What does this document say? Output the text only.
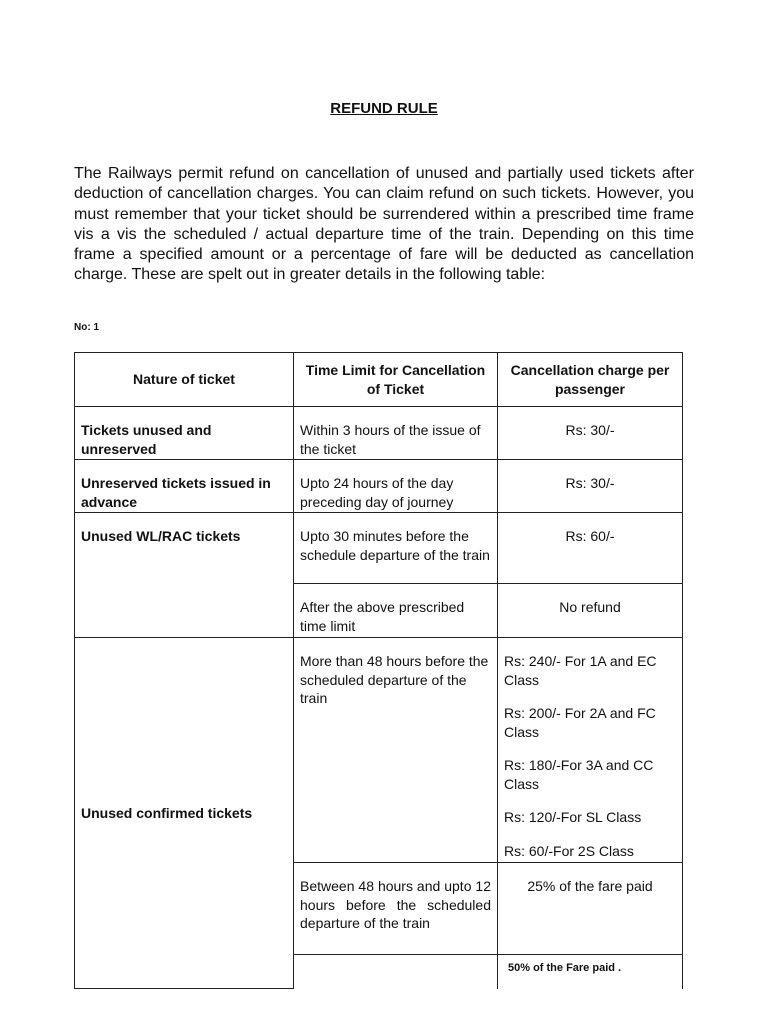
REFUND RULE
The Railways permit refund on cancellation of unused and partially used tickets after deduction of cancellation charges. You can claim refund on such tickets. However, you must remember that your ticket should be surrendered within a prescribed time frame vis a vis the scheduled / actual departure time of the train. Depending on this time frame a specified amount or a percentage of fare will be deducted as cancellation charge. These are spelt out in greater details in the following table:
No: 1
Nature of ticket	Time Limit for Cancellation of Ticket	Cancellation charge per passenger
Tickets unused and unreserved	Within 3 hours of the issue of the ticket	Rs: 30/-
Unreserved tickets issued in advance	Upto 24 hours of the day preceding day of journey	Rs: 30/-
Unused WL/RAC tickets	Upto 30 minutes before the schedule departure of the train	Rs: 60/-
	After the above prescribed time limit	No refund
Unused confirmed tickets	More than 48 hours before the scheduled departure of the train	Rs: 240/- For 1A and EC Class
Rs: 200/- For 2A and FC Class
Rs: 180/-For 3A and CC Class
Rs: 120/-For SL Class
Rs: 60/-For 2S Class

	Between 48 hours and upto 12 hours before the scheduled departure of the train	25% of the fare paid
		50% of the Fare paid .
